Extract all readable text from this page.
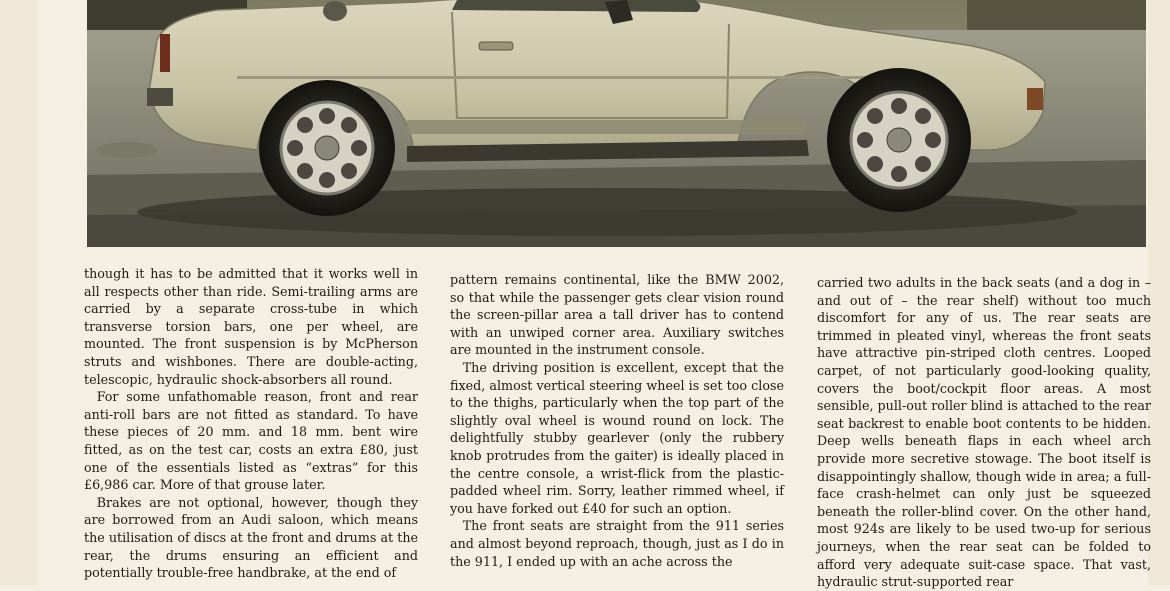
though it has to be admitted that it works well in all respects other than ride. Semi-trailing arms are carried by a separate cross-tube in which transverse torsion bars, one per wheel, are mounted. The front suspension is by McPherson struts and wishbones. There are double-acting, telescopic, hydraulic shock-absorbers all round.

For some unfathomable reason, front and rear anti-roll bars are not fitted as standard. To have these pieces of 20 mm. and 18 mm. bent wire fitted, as on the test car, costs an extra £80, just one of the essentials listed as “extras” for this £6,986 car. More of that grouse later.

Brakes are not optional, however, though they are borrowed from an Audi saloon, which means the utilisation of discs at the front and drums at the rear, the drums ensuring an efficient and potentially trouble-free handbrake, at the end of

pattern remains continental, like the BMW 2002, so that while the passenger gets clear vision round the screen-pillar area a tall driver has to contend with an unwiped corner area. Auxiliary switches are mounted in the instrument console.

The driving position is excellent, except that the fixed, almost vertical steering wheel is set too close to the thighs, particularly when the top part of the slightly oval wheel is wound round on lock. The delightfully stubby gearlever (only the rubbery knob protrudes from the gaiter) is ideally placed in the centre console, a wrist-flick from the plastic-padded wheel rim. Sorry, leather rimmed wheel, if you have forked out £40 for such an option.

The front seats are straight from the 911 series and almost beyond reproach, though, just as I do in the 911, I ended up with an ache across the

carried two adults in the back seats (and a dog in – and out of – the rear shelf) without too much discomfort for any of us. The rear seats are trimmed in pleated vinyl, whereas the front seats have attractive pin-striped cloth centres. Looped carpet, of not particularly good-looking quality, covers the boot/cockpit floor areas. A most sensible, pull-out roller blind is attached to the rear seat backrest to enable boot contents to be hidden. Deep wells beneath flaps in each wheel arch provide more secretive stowage. The boot itself is disappointingly shallow, though wide in area; a full-face crash-helmet can only just be squeezed beneath the roller-blind cover. On the other hand, most 924s are likely to be used two-up for serious journeys, when the rear seat can be folded to afford very adequate suit-case space. That vast, hydraulic strut-supported rear
